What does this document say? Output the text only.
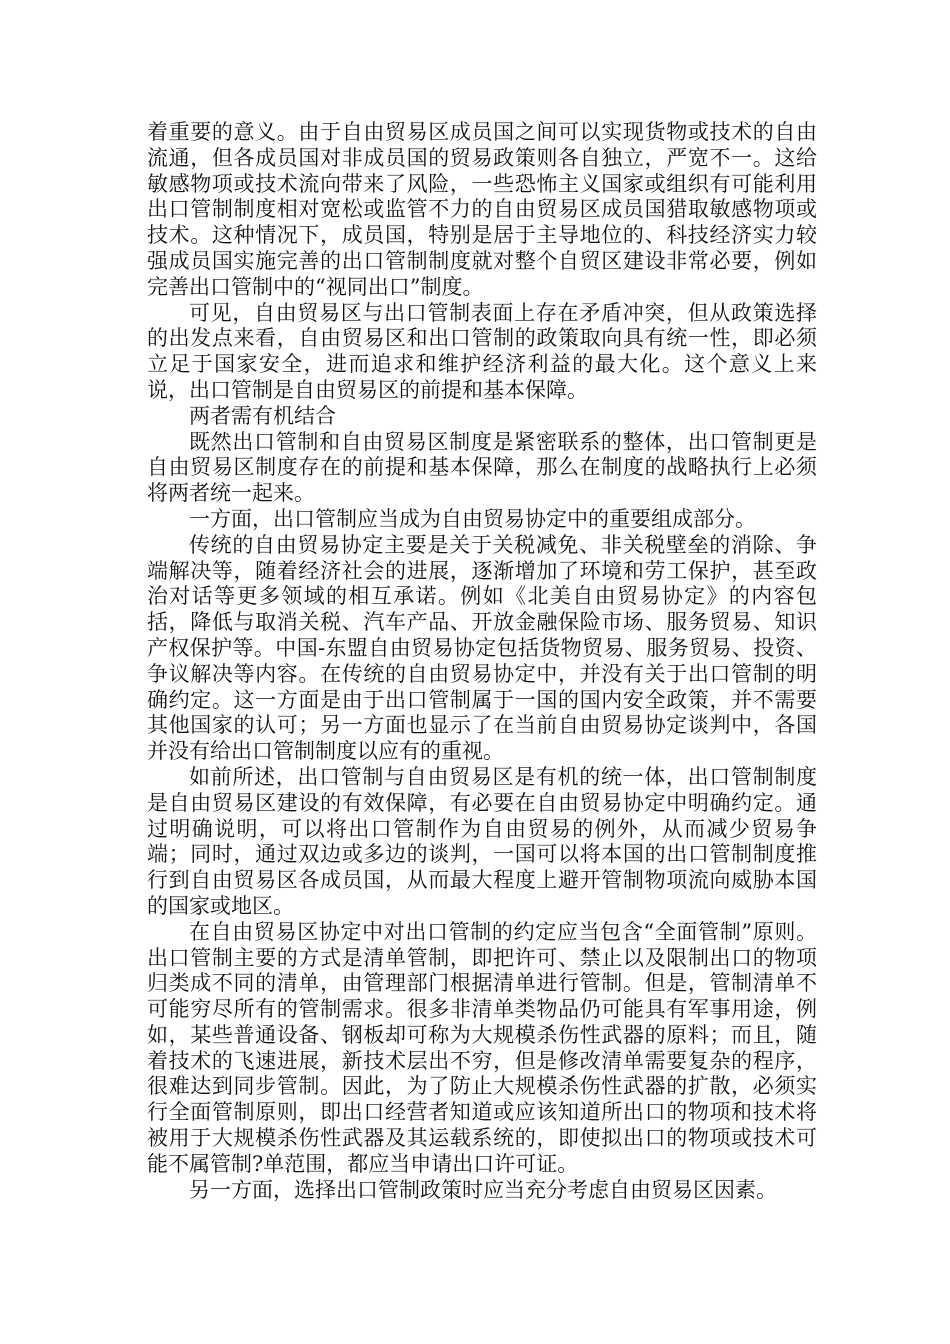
着重要的意义。由于自由贸易区成员国之间可以实现货物或技术的自由流通，但各成员国对非成员国的贸易政策则各自独立，严宽不一。这给敏感物项或技术流向带来了风险，一些恐怖主义国家或组织有可能利用出口管制制度相对宽松或监管不力的自由贸易区成员国猎取敏感物项或技术。这种情况下，成员国，特别是居于主导地位的、科技经济实力较强成员国实施完善的出口管制制度就对整个自贸区建设非常必要，例如完善出口管制中的“视同出口”制度。

可见，自由贸易区与出口管制表面上存在矛盾冲突，但从政策选择的出发点来看，自由贸易区和出口管制的政策取向具有统一性，即必须立足于国家安全，进而追求和维护经济利益的最大化。这个意义上来说，出口管制是自由贸易区的前提和基本保障。

两者需有机结合

既然出口管制和自由贸易区制度是紧密联系的整体，出口管制更是自由贸易区制度存在的前提和基本保障，那么在制度的战略执行上必须将两者统一起来。

一方面，出口管制应当成为自由贸易协定中的重要组成部分。

传统的自由贸易协定主要是关于关税减免、非关税壁垒的消除、争端解决等，随着经济社会的进展，逐渐增加了环境和劳工保护，甚至政治对话等更多领域的相互承诺。例如《北美自由贸易协定》的内容包括，降低与取消关税、汽车产品、开放金融保险市场、服务贸易、知识产权保护等。中国-东盟自由贸易协定包括货物贸易、服务贸易、投资、争议解决等内容。在传统的自由贸易协定中，并没有关于出口管制的明确约定。这一方面是由于出口管制属于一国的国内安全政策，并不需要其他国家的认可；另一方面也显示了在当前自由贸易协定谈判中，各国并没有给出口管制制度以应有的重视。

如前所述，出口管制与自由贸易区是有机的统一体，出口管制制度是自由贸易区建设的有效保障，有必要在自由贸易协定中明确约定。通过明确说明，可以将出口管制作为自由贸易的例外，从而减少贸易争端；同时，通过双边或多边的谈判，一国可以将本国的出口管制制度推行到自由贸易区各成员国，从而最大程度上避开管制物项流向威胁本国的国家或地区。

在自由贸易区协定中对出口管制的约定应当包含“全面管制”原则。出口管制主要的方式是清单管制，即把许可、禁止以及限制出口的物项归类成不同的清单，由管理部门根据清单进行管制。但是，管制清单不可能穷尽所有的管制需求。很多非清单类物品仍可能具有军事用途，例如，某些普通设备、钢板却可称为大规模杀伤性武器的原料；而且，随着技术的飞速进展，新技术层出不穷，但是修改清单需要复杂的程序，很难达到同步管制。因此，为了防止大规模杀伤性武器的扩散，必须实行全面管制原则，即出口经营者知道或应该知道所出口的物项和技术将被用于大规模杀伤性武器及其运载系统的，即使拟出口的物项或技术可能不属管制?单范围，都应当申请出口许可证。

另一方面，选择出口管制政策时应当充分考虑自由贸易区因素。
